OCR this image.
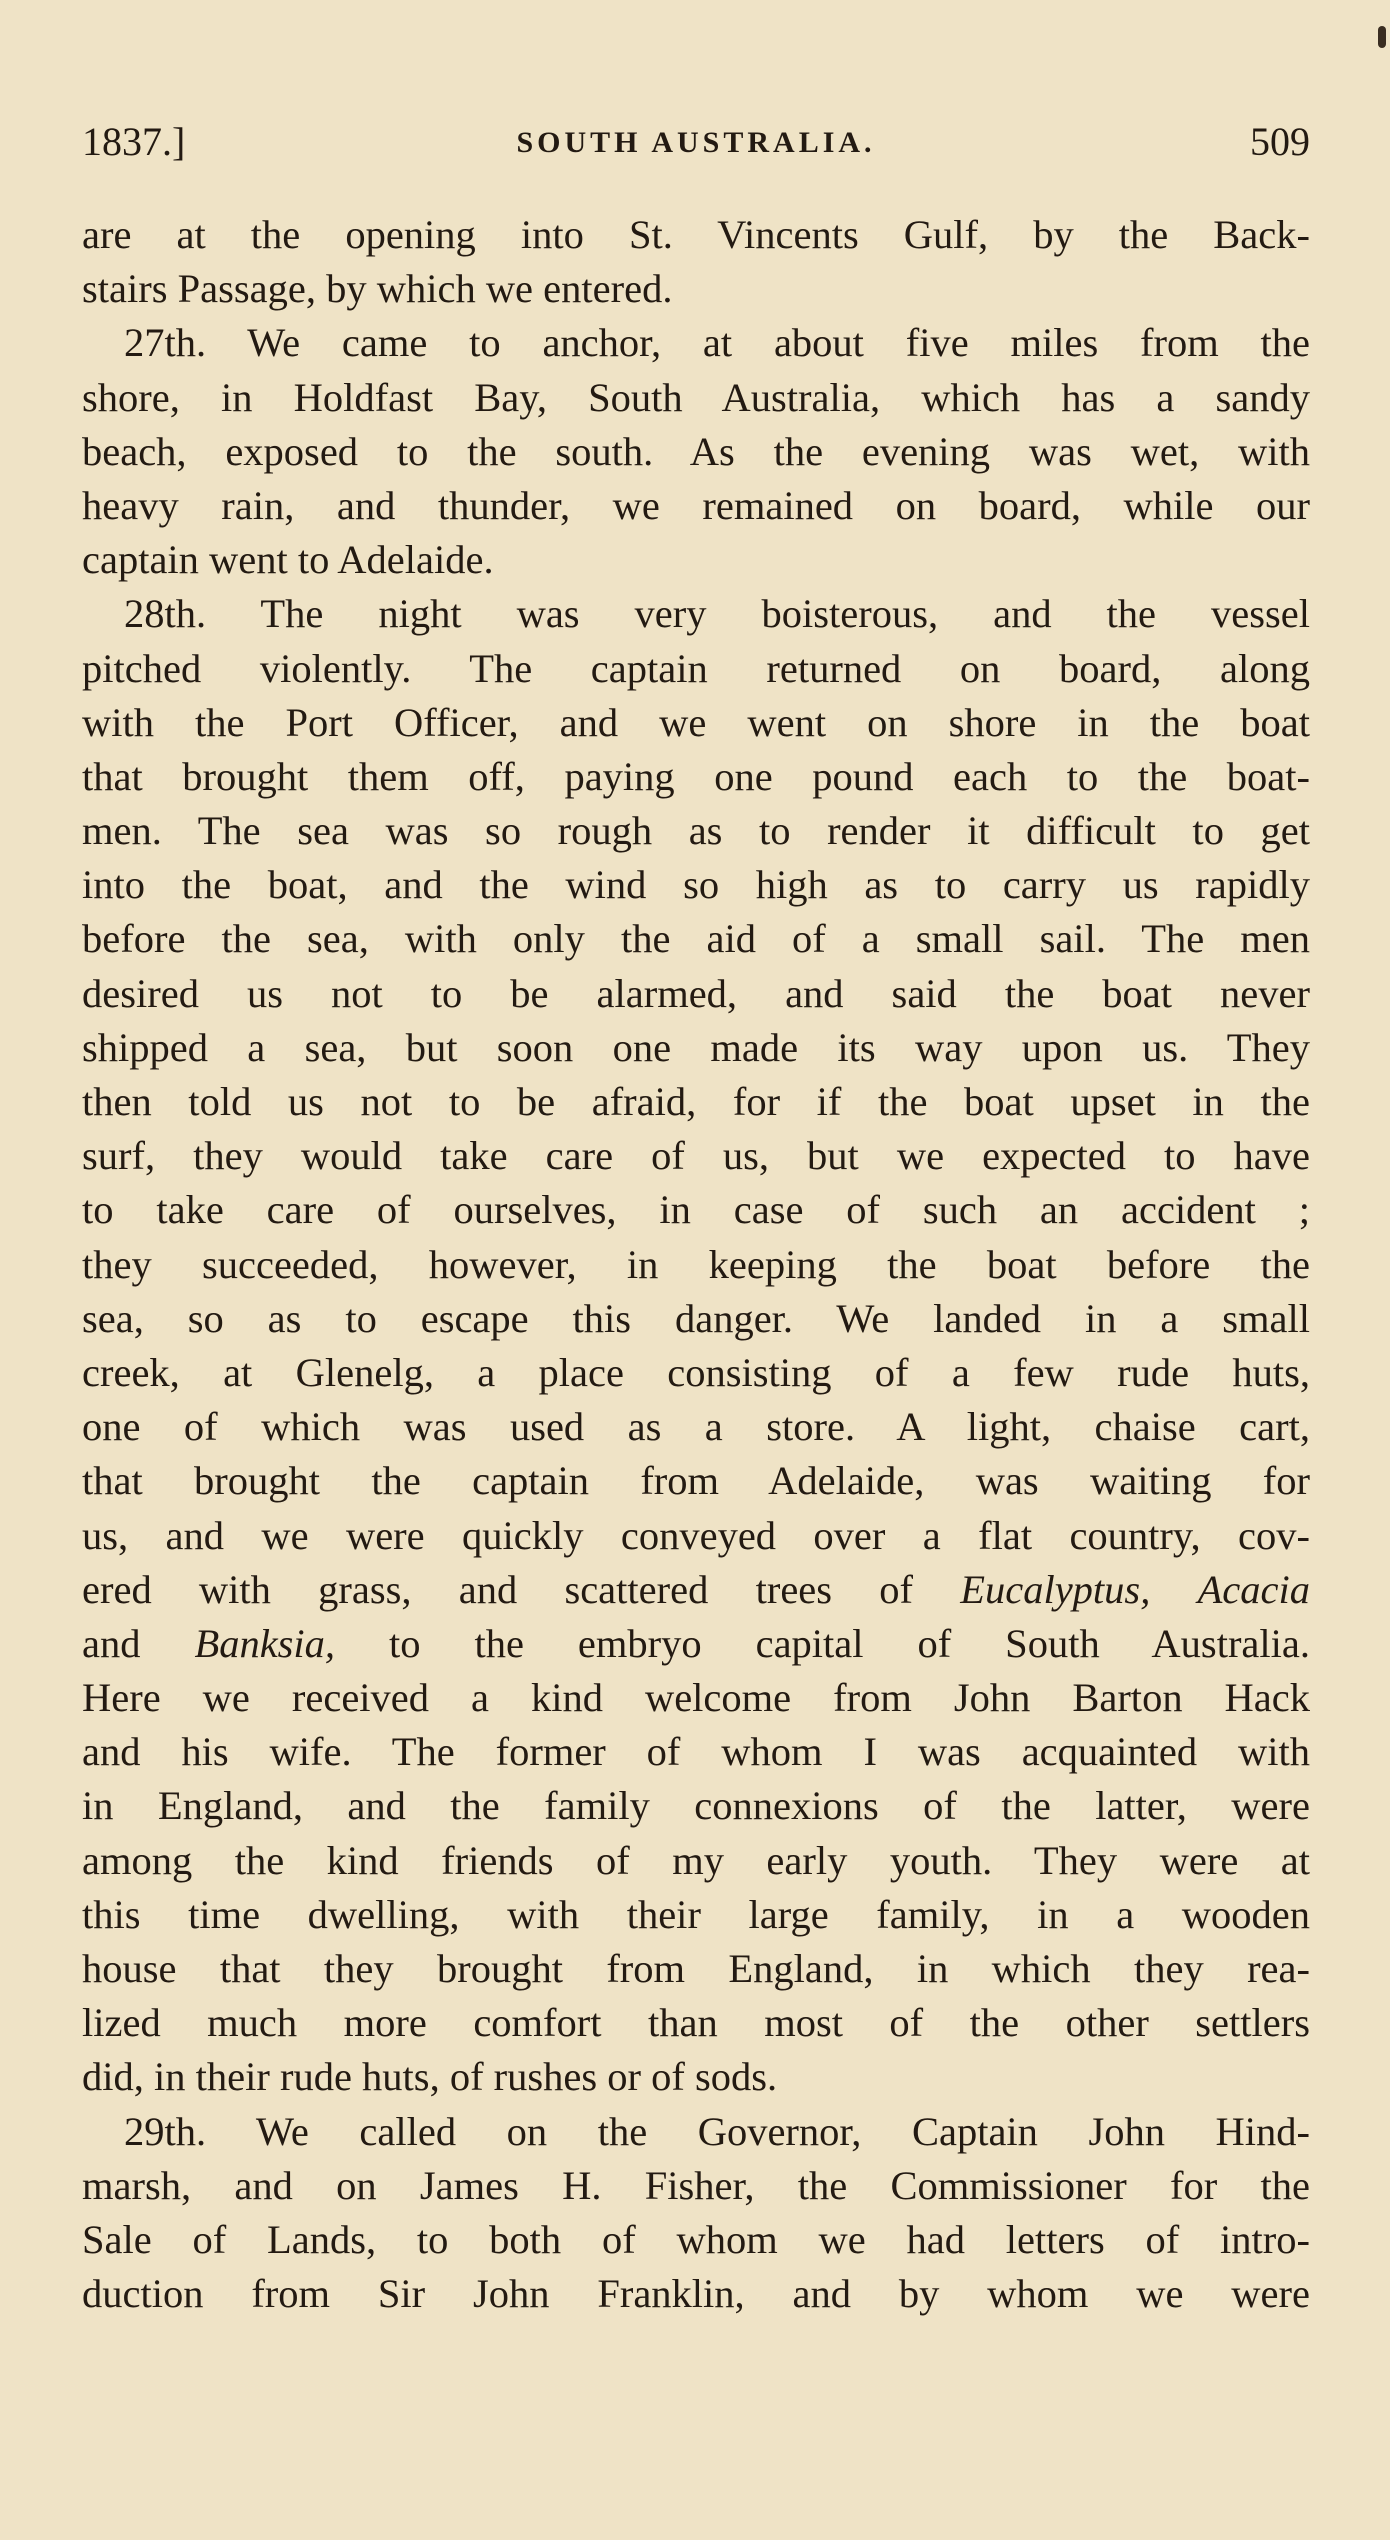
1837.]	SOUTH AUSTRALIA.	509
are at the opening into St. Vincents Gulf, by the Back-
stairs Passage, by which we entered.
27th. We came to anchor, at about five miles from the
shore, in Holdfast Bay, South Australia, which has a sandy
beach, exposed to the south. As the evening was wet, with
heavy rain, and thunder, we remained on board, while our
captain went to Adelaide.
28th. The night was very boisterous, and the vessel
pitched violently. The captain returned on board, along
with the Port Officer, and we went on shore in the boat
that brought them off, paying one pound each to the boat-
men. The sea was so rough as to render it difficult to get
into the boat, and the wind so high as to carry us rapidly
before the sea, with only the aid of a small sail. The men
desired us not to be alarmed, and said the boat never
shipped a sea, but soon one made its way upon us. They
then told us not to be afraid, for if the boat upset in the
surf, they would take care of us, but we expected to have
to take care of ourselves, in case of such an accident ;
they succeeded, however, in keeping the boat before the
sea, so as to escape this danger. We landed in a small
creek, at Glenelg, a place consisting of a few rude huts,
one of which was used as a store. A light, chaise cart,
that brought the captain from Adelaide, was waiting for
us, and we were quickly conveyed over a flat country, cov-
ered with grass, and scattered trees of Eucalyptus, Acacia
and Banksia, to the embryo capital of South Australia.
Here we received a kind welcome from John Barton Hack
and his wife. The former of whom I was acquainted with
in England, and the family connexions of the latter, were
among the kind friends of my early youth. They were at
this time dwelling, with their large family, in a wooden
house that they brought from England, in which they rea-
lized much more comfort than most of the other settlers
did, in their rude huts, of rushes or of sods.
29th. We called on the Governor, Captain John Hind-
marsh, and on James H. Fisher, the Commissioner for the
Sale of Lands, to both of whom we had letters of intro-
duction from Sir John Franklin, and by whom we were
